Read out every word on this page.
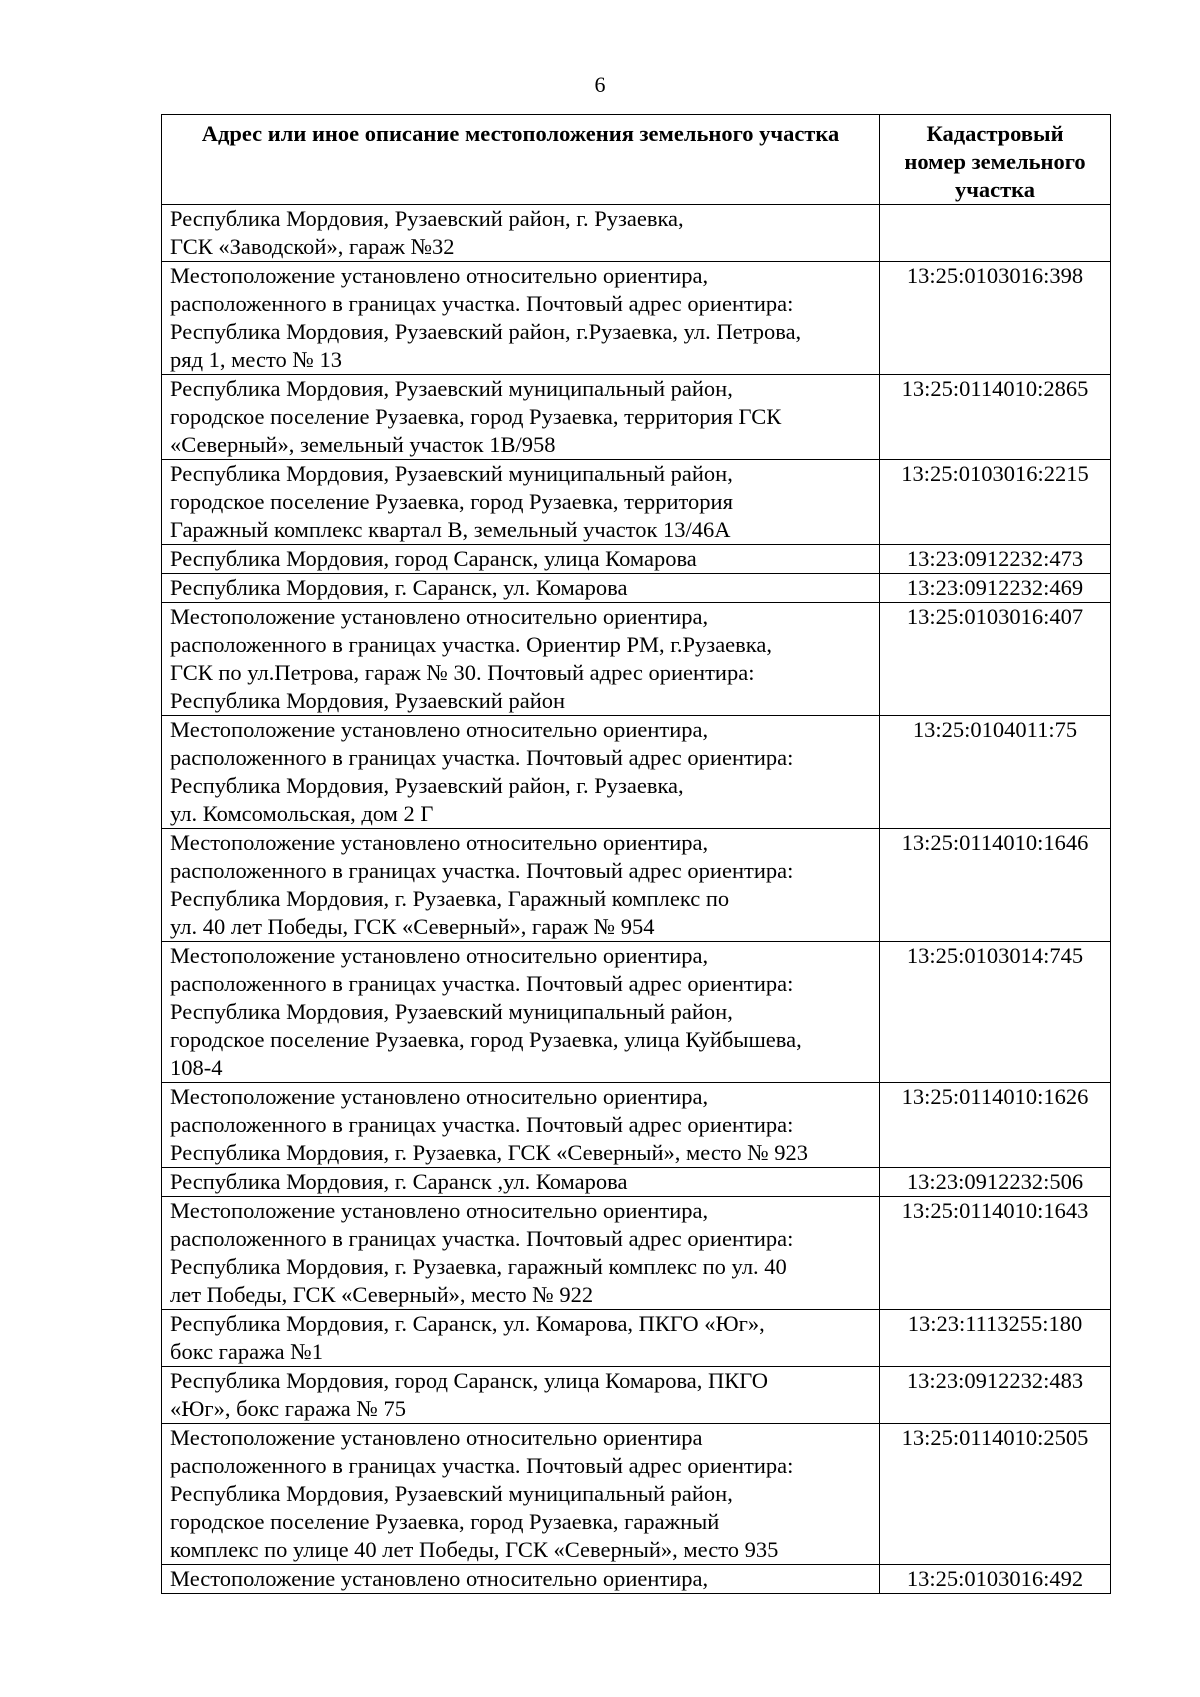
6
Адрес или иное описание местоположения земельного участка	Кадастровый
номер земельного
участка

Республика Мордовия, Рузаевский район, г. Рузаевка,
ГСК «Заводской», гараж №32	

Местоположение установлено относительно ориентира,
расположенного в границах участка. Почтовый адрес ориентира:
Республика Мордовия, Рузаевский район, г.Рузаевка, ул. Петрова,
ряд 1, место № 13	13:25:0103016:398

Республика Мордовия, Рузаевский муниципальный район,
городское поселение Рузаевка, город Рузаевка, территория ГСК
«Северный», земельный участок 1В/958	13:25:0114010:2865

Республика Мордовия, Рузаевский муниципальный район,
городское поселение Рузаевка, город Рузаевка, территория
Гаражный комплекс квартал В, земельный участок 13/46А	13:25:0103016:2215

Республика Мордовия, город Саранск, улица Комарова	13:23:0912232:473

Республика Мордовия, г. Саранск, ул. Комарова	13:23:0912232:469

Местоположение установлено относительно ориентира,
расположенного в границах участка. Ориентир РМ, г.Рузаевка,
ГСК по ул.Петрова, гараж № 30. Почтовый адрес ориентира:
Республика Мордовия, Рузаевский район	13:25:0103016:407

Местоположение установлено относительно ориентира,
расположенного в границах участка. Почтовый адрес ориентира:
Республика Мордовия, Рузаевский район, г. Рузаевка,
ул. Комсомольская, дом 2 Г	13:25:0104011:75

Местоположение установлено относительно ориентира,
расположенного в границах участка. Почтовый адрес ориентира:
Республика Мордовия, г. Рузаевка, Гаражный комплекс по
ул. 40 лет Победы, ГСК «Северный», гараж № 954	13:25:0114010:1646

Местоположение установлено относительно ориентира,
расположенного в границах участка. Почтовый адрес ориентира:
Республика Мордовия, Рузаевский муниципальный район,
городское поселение Рузаевка, город Рузаевка, улица Куйбышева,
108-4	13:25:0103014:745

Местоположение установлено относительно ориентира,
расположенного в границах участка. Почтовый адрес ориентира:
Республика Мордовия, г. Рузаевка, ГСК «Северный», место № 923	13:25:0114010:1626

Республика Мордовия, г. Саранск ,ул. Комарова	13:23:0912232:506

Местоположение установлено относительно ориентира,
расположенного в границах участка. Почтовый адрес ориентира:
Республика Мордовия, г. Рузаевка, гаражный комплекс по ул. 40
лет Победы, ГСК «Северный», место № 922	13:25:0114010:1643

Республика Мордовия, г. Саранск, ул. Комарова, ПКГО «Юг»,
бокс гаража №1	13:23:1113255:180

Республика Мордовия, город Саранск, улица Комарова, ПКГО
«Юг», бокс гаража № 75	13:23:0912232:483

Местоположение установлено относительно ориентира
расположенного в границах участка. Почтовый адрес ориентира:
Республика Мордовия, Рузаевский муниципальный район,
городское поселение Рузаевка, город Рузаевка, гаражный
комплекс по улице 40 лет Победы, ГСК «Северный», место 935	13:25:0114010:2505

Местоположение установлено относительно ориентира,	13:25:0103016:492
